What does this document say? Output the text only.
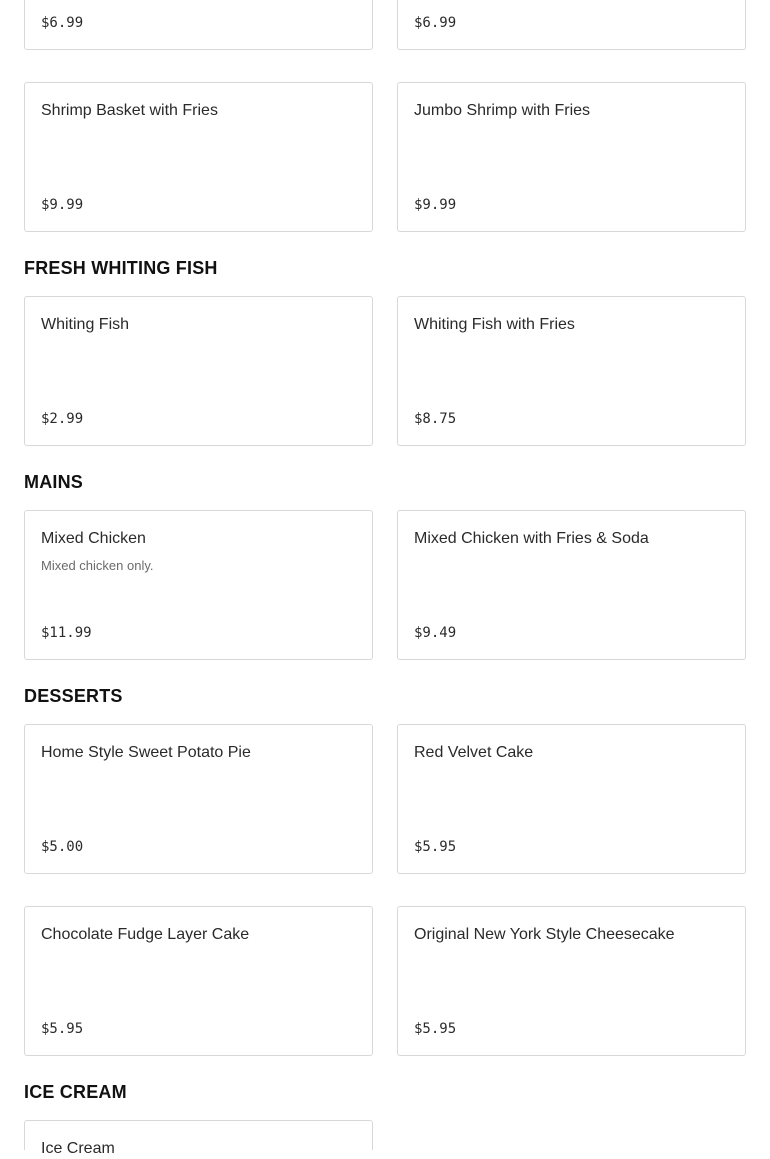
$6.99	$6.99
Shrimp Basket with Fries
$9.99
Jumbo Shrimp with Fries
$9.99
FRESH WHITING FISH
Whiting Fish
$2.99
Whiting Fish with Fries
$8.75
MAINS
Mixed Chicken
Mixed chicken only.
$11.99
Mixed Chicken with Fries & Soda
$9.49
DESSERTS
Home Style Sweet Potato Pie
$5.00
Red Velvet Cake
$5.95
Chocolate Fudge Layer Cake
$5.95
Original New York Style Cheesecake
$5.95
ICE CREAM
Ice Cream
